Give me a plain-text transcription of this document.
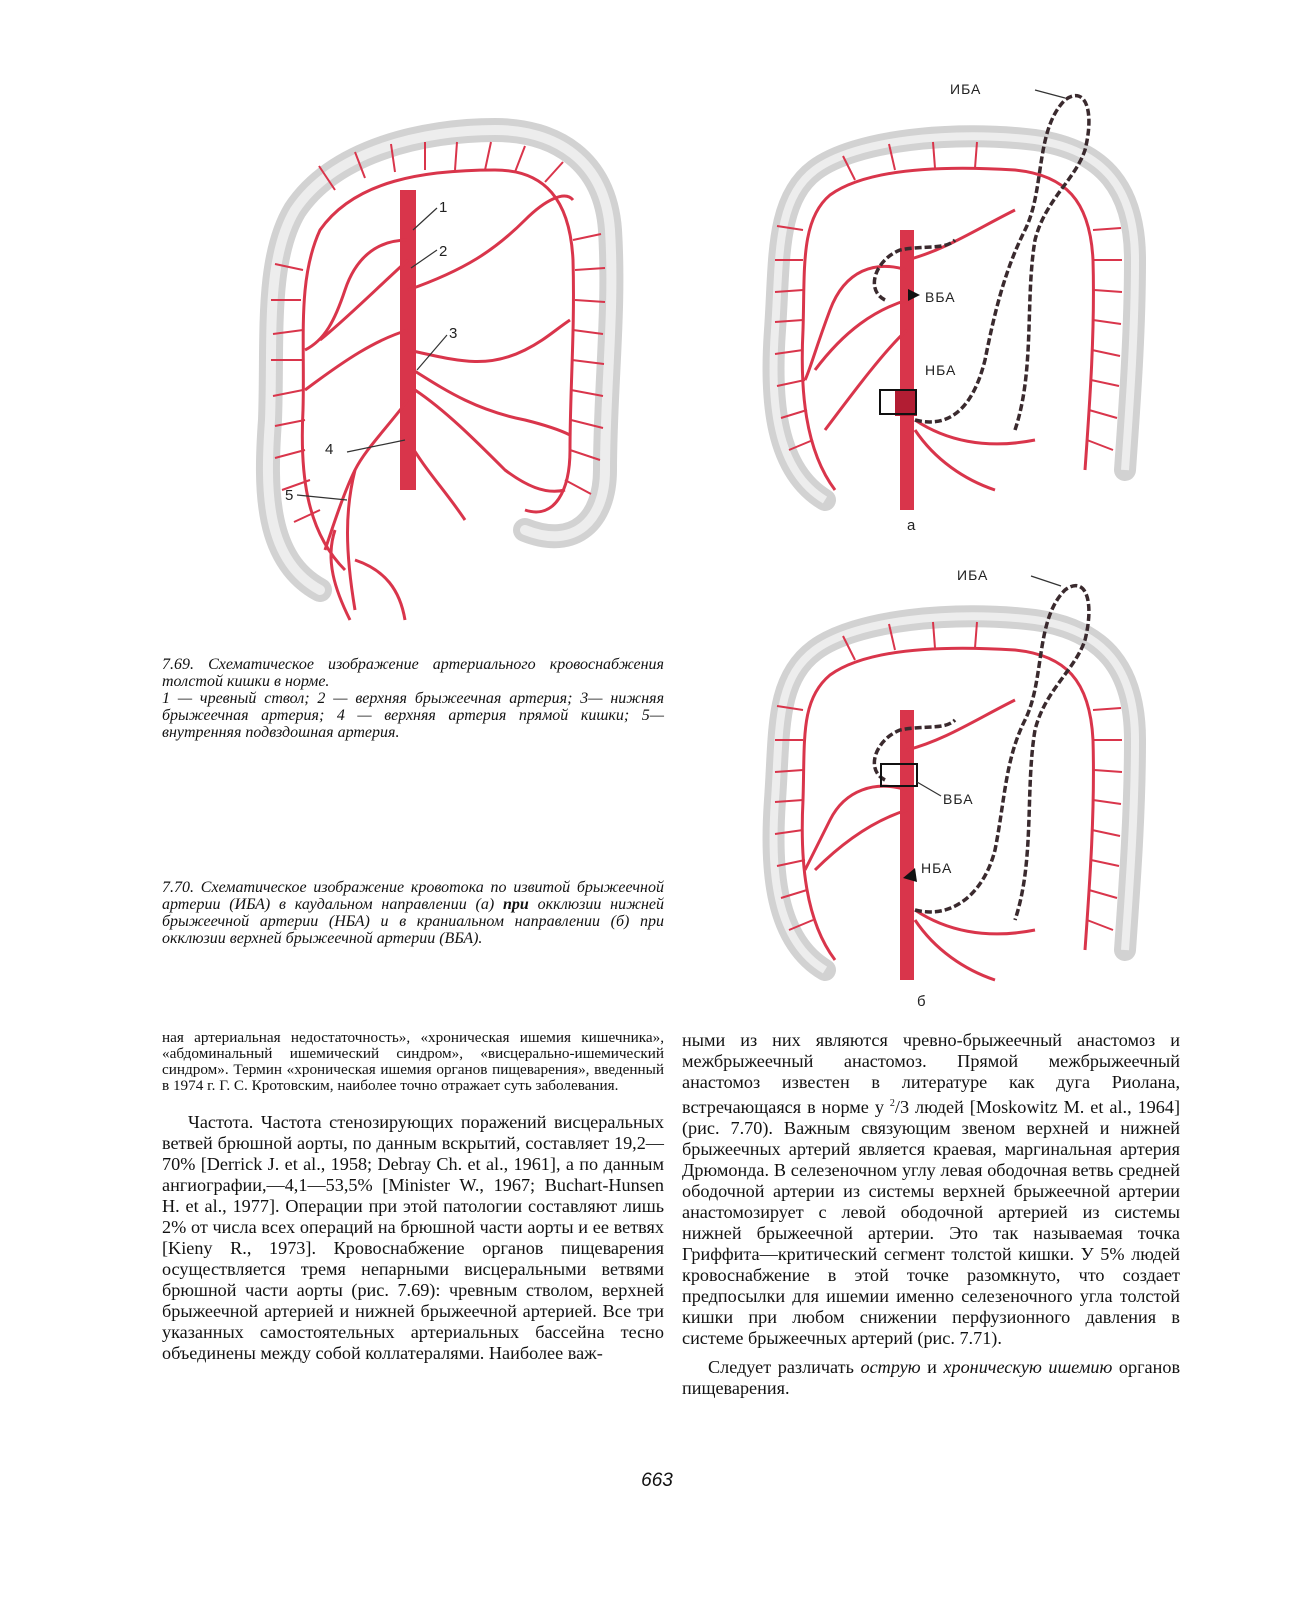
1
2
3
4
5
ИБА
ВБА
НБА
а
ИБА
ВБА
НБА
б

7.69. Схематическое изображение артериального кровоснабжения толстой кишки в норме.

1 — чревный ствол; 2 — верхняя брыжеечная артерия; 3— нижняя брыжеечная артерия; 4 — верхняя артерия прямой кишки; 5—внутренняя подвздошная артерия.

7.70. Схематическое изображение кровотока по извитой брыжеечной артерии (ИБА) в каудальном направлении (а) при окклюзии нижней брыжеечной артерии (НБА) и в краниальном направлении (б) при окклюзии верхней брыжеечной артерии (ВБА).

ная артериальная недостаточность», «хроническая ишемия кишечника», «абдоминальный ишемический синдром», «висцерально-ишемический синдром». Термин «хроническая ишемия органов пищеварения», введенный в 1974 г. Г. С. Кротовским, наиболее точно отражает суть заболевания.

Частота. Частота стенозирующих поражений висцеральных ветвей брюшной аорты, по данным вскрытий, составляет 19,2—70% [Derrick J. et al., 1958; Debray Ch. et al., 1961], а по данным ангиографии,—4,1—53,5% [Minister W., 1967; Buchart-Hunsen H. et al., 1977]. Операции при этой патологии составляют лишь 2% от числа всех операций на брюшной части аорты и ее ветвях [Kieny R., 1973]. Кровоснабжение органов пищеварения осуществляется тремя непарными висцеральными ветвями брюшной части аорты (рис. 7.69): чревным стволом, верхней брыжеечной артерией и нижней брыжеечной артерией. Все три указанных самостоятельных артериальных бассейна тесно объединены между собой коллатералями. Наиболее важ-

ными из них являются чревно-брыжеечный анастомоз и межбрыжеечный анастомоз. Прямой межбрыжеечный анастомоз известен в литературе как дуга Риолана, встречающаяся в норме у $^2$/3 людей [Moskowitz M. et al., 1964] (рис. 7.70). Важным связующим звеном верхней и нижней брыжеечных артерий является краевая, маргинальная артерия Дрюмонда. В селезеночном углу левая ободочная ветвь средней ободочной артерии из системы верхней брыжеечной артерии анастомозирует с левой ободочной артерией из системы нижней брыжеечной артерии. Это так называемая точка Гриффита—критический сегмент толстой кишки. У 5% людей кровоснабжение в этой точке разомкнуто, что создает предпосылки для ишемии именно селезеночного угла толстой кишки при любом снижении перфузионного давления в системе брыжеечных артерий (рис. 7.71).

Следует различать острую и хроническую ишемию органов пищеварения.

663
